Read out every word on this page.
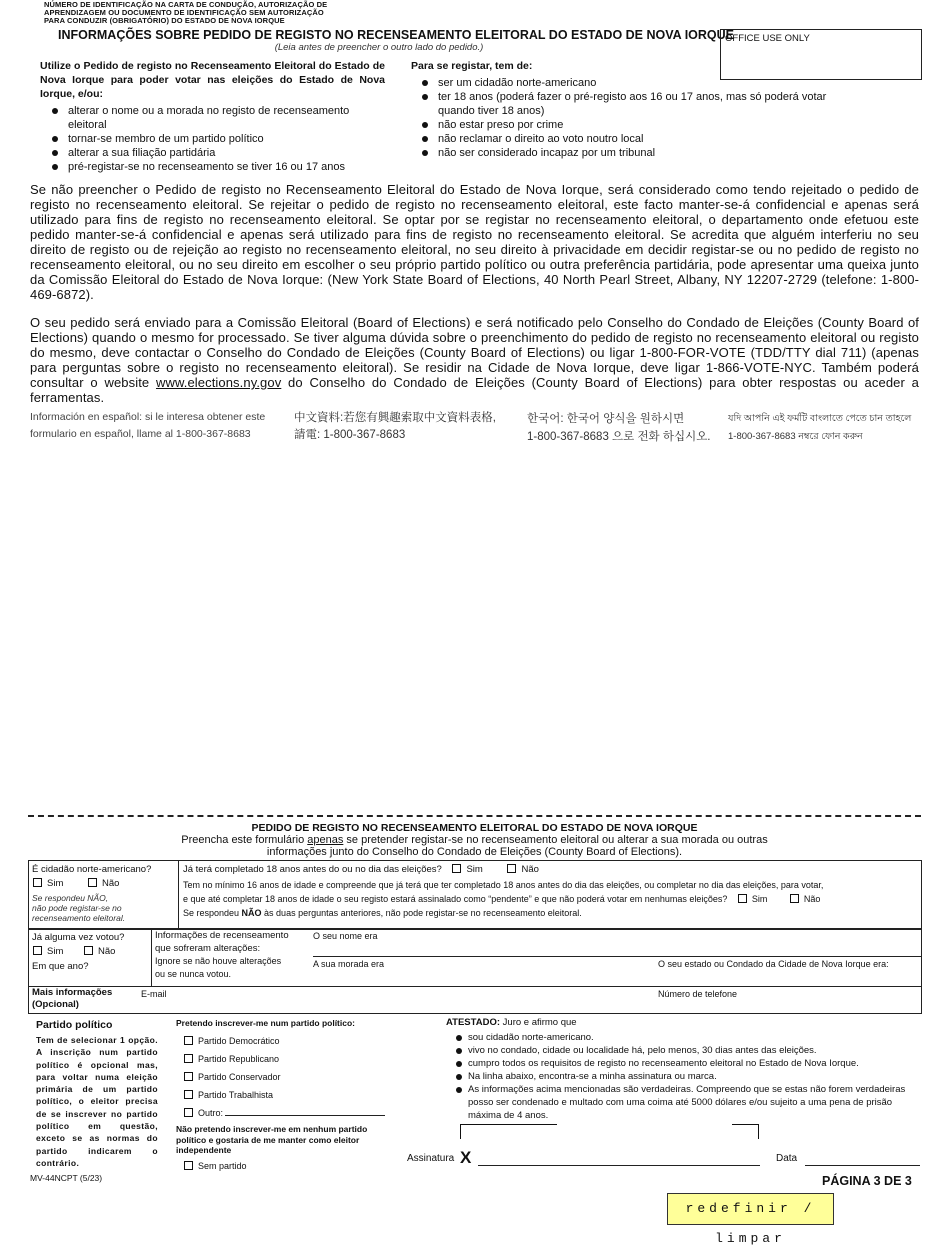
NÚMERO DE IDENTIFICAÇÃO NA CARTA DE CONDUÇÃO, AUTORIZAÇÃO DE
APRENDIZAGEM OU DOCUMENTO DE IDENTIFICAÇÃO SEM AUTORIZAÇÃO
PARA CONDUZIR (OBRIGATÓRIO) DO ESTADO DE NOVA IORQUE
INFORMAÇÕES SOBRE PEDIDO DE REGISTO NO RECENSEAMENTO ELEITORAL DO ESTADO DE NOVA IORQUE
(Leia antes de preencher o outro lado do pedido.)
OFFICE USE ONLY
Utilize o Pedido de registo no Recenseamento Eleitoral do Estado de Nova Iorque para poder votar nas eleições do Estado de Nova Iorque, e/ou:
alterar o nome ou a morada no registo de recenseamento eleitoral
tornar-se membro de um partido político
alterar a sua filiação partidária
pré-registar-se no recenseamento se tiver 16 ou 17 anos
Para se registar, tem de:
ser um cidadão norte-americano
ter 18 anos (poderá fazer o pré-registo aos 16 ou 17 anos, mas só poderá votar quando tiver 18 anos)
não estar preso por crime
não reclamar o direito ao voto noutro local
não ser considerado incapaz por um tribunal
Se não preencher o Pedido de registo no Recenseamento Eleitoral do Estado de Nova Iorque, será considerado como tendo rejeitado o pedido de registo no recenseamento eleitoral. Se rejeitar o pedido de registo no recenseamento eleitoral, este facto manter-se-á confidencial e apenas será utilizado para fins de registo no recenseamento eleitoral. Se optar por se registar no recenseamento eleitoral, o departamento onde efetuou este pedido manter-se-á confidencial e apenas será utilizado para fins de registo no recenseamento eleitoral. Se acredita que alguém interferiu no seu direito de registo ou de rejeição ao registo no recenseamento eleitoral, no seu direito à privacidade em decidir registar-se ou no pedido de registo no recenseamento eleitoral, ou no seu direito em escolher o seu próprio partido político ou outra preferência partidária, pode apresentar uma queixa junto da Comissão Eleitoral do Estado de Nova Iorque: (New York State Board of Elections, 40 North Pearl Street, Albany, NY 12207-2729 (telefone: 1-800-469-6872).
O seu pedido será enviado para a Comissão Eleitoral (Board of Elections) e será notificado pelo Conselho do Condado de Eleições (County Board of Elections) quando o mesmo for processado. Se tiver alguma dúvida sobre o preenchimento do pedido de registo no recenseamento eleitoral ou registo do mesmo, deve contactar o Conselho do Condado de Eleições (County Board of Elections) ou ligar 1-800-FOR-VOTE (TDD/TTY dial 711) (apenas para perguntas sobre o registo no recenseamento eleitoral). Se residir na Cidade de Nova Iorque, deve ligar 1-866-VOTE-NYC. Também poderá consultar o website www.elections.ny.gov do Conselho do Condado de Eleições (County Board of Elections) para obter respostas ou aceder a ferramentas.
Información en español: si le interesa obtener este
formulario en español, llame al 1-800-367-8683
中文資料:若您有興趣索取中文資料表格,
請電: 1-800-367-8683
한국어: 한국어 양식을 원하시면
1-800-367-8683 으로 전화 하십시오.
যদি আপনি এই ফর্মটি বাংলাতে পেতে চান তাহলে
1-800-367-8683 নম্বরে ফোন করুন
PEDIDO DE REGISTO NO RECENSEAMENTO ELEITORAL DO ESTADO DE NOVA IORQUE
Preencha este formulário apenas se pretender registar-se no recenseamento eleitoral ou alterar a sua morada ou outras
informações junto do Conselho do Condado de Eleições (County Board of Elections).
É cidadão norte-americano?
Sim	Não
Se respondeu NÃO,
não pode registar-se no
recenseamento eleitoral.
Já terá completado 18 anos antes do ou no dia das eleições?	Sim	Não
Tem no mínimo 16 anos de idade e compreende que já terá que ter completado 18 anos antes do dia das eleições, ou completar no dia das eleições, para votar,
e que até completar 18 anos de idade o seu registo estará assinalado como “pendente” e que não poderá votar em nenhumas eleições?	Sim	Não
Se respondeu NÃO às duas perguntas anteriores, não pode registar-se no recenseamento eleitoral.
Já alguma vez votou?
Sim	Não
Em que ano?
Informações de recenseamento
que sofreram alterações:
Ignore se não houve alterações
ou se nunca votou.
O seu nome era
A sua morada era	O seu estado ou Condado da Cidade de Nova Iorque era:
Mais informações
(Opcional)
E-mail	Número de telefone
Partido político
Tem de selecionar 1 opção. A inscrição num partido político é opcional mas, para voltar numa eleição primária de um partido político, o eleitor precisa de se inscrever no partido político em questão, exceto se as normas do partido indicarem o contrário.
MV-44NCPT (5/23)
Pretendo inscrever-me num partido político:
Partido Democrático
Partido Republicano
Partido Conservador
Partido Trabalhista
Outro:
Não pretendo inscrever-me em nenhum partido
político e gostaria de me manter como eleitor
independente
Sem partido
ATESTADO: Juro e afirmo que
sou cidadão norte-americano.
vivo no condado, cidade ou localidade há, pelo menos, 30 dias antes das eleições.
cumpro todos os requisitos de registo no recenseamento eleitoral no Estado de Nova Iorque.
Na linha abaixo, encontra-se a minha assinatura ou marca.
As informações acima mencionadas são verdadeiras. Compreendo que se estas não forem verdadeiras posso ser condenado e multado com uma coima até 5000 dólares e/ou sujeito a uma pena de prisão máxima de 4 anos.
Assinatura X	Data
PÁGINA 3 DE 3
redefinir / limpar
